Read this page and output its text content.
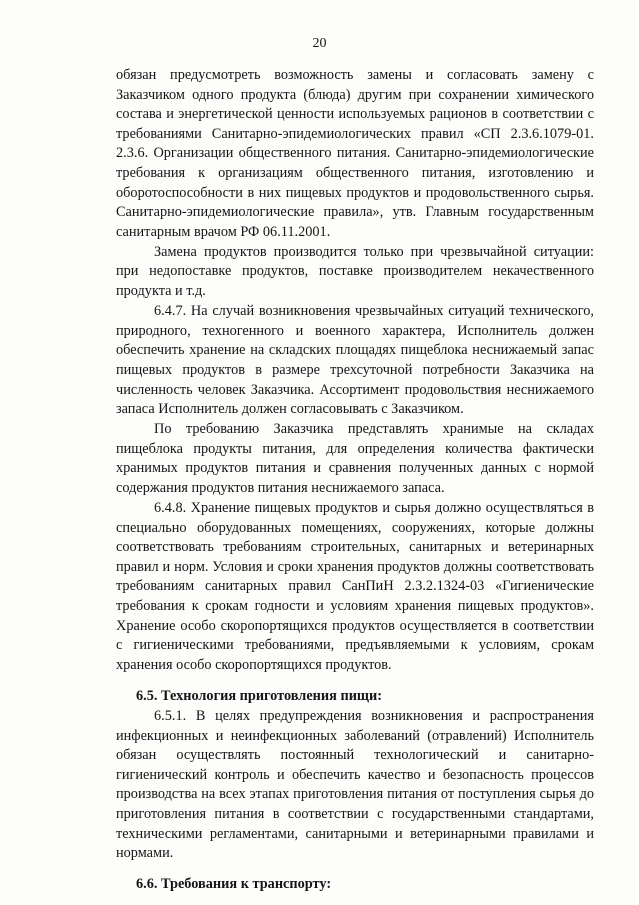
20

обязан предусмотреть возможность замены и согласовать замену с Заказчиком одного продукта (блюда) другим при сохранении химического состава и энергетической ценности используемых рационов в соответствии с требованиями Санитарно-эпидемиологических правил «СП 2.3.6.1079-01. 2.3.6. Организации общественного питания. Санитарно-эпидемиологические требования к организациям общественного питания, изготовлению и оборотоспособности в них пищевых продуктов и продовольственного сырья. Санитарно-эпидемиологические правила», утв. Главным государственным санитарным врачом РФ 06.11.2001.

Замена продуктов производится только при чрезвычайной ситуации: при недопоставке продуктов, поставке производителем некачественного продукта и т.д.

6.4.7. На случай возникновения чрезвычайных ситуаций технического, природного, техногенного и военного характера, Исполнитель должен обеспечить хранение на складских площадях пищеблока неснижаемый запас пищевых продуктов в размере трехсуточной потребности Заказчика на численность человек Заказчика. Ассортимент продовольствия неснижаемого запаса Исполнитель должен согласовывать с Заказчиком.

По требованию Заказчика представлять хранимые на складах пищеблока продукты питания, для определения количества фактически хранимых продуктов питания и сравнения полученных данных с нормой содержания продуктов питания неснижаемого запаса.

6.4.8. Хранение пищевых продуктов и сырья должно осуществляться в специально оборудованных помещениях, сооружениях, которые должны соответствовать требованиям строительных, санитарных и ветеринарных правил и норм. Условия и сроки хранения продуктов должны соответствовать требованиям санитарных правил СанПиН 2.3.2.1324-03 «Гигиенические требования к срокам годности и условиям хранения пищевых продуктов». Хранение особо скоропортящихся продуктов осуществляется в соответствии с гигиеническими требованиями, предъявляемыми к условиям, срокам хранения особо скоропортящихся продуктов.

6.5. Технология приготовления пищи:

6.5.1. В целях предупреждения возникновения и распространения инфекционных и неинфекционных заболеваний (отравлений) Исполнитель обязан осуществлять постоянный технологический и санитарно-гигиенический контроль и обеспечить качество и безопасность процессов производства на всех этапах приготовления питания от поступления сырья до приготовления питания в соответствии с государственными стандартами, техническими регламентами, санитарными и ветеринарными правилами и нормами.

6.6. Требования к транспорту:
